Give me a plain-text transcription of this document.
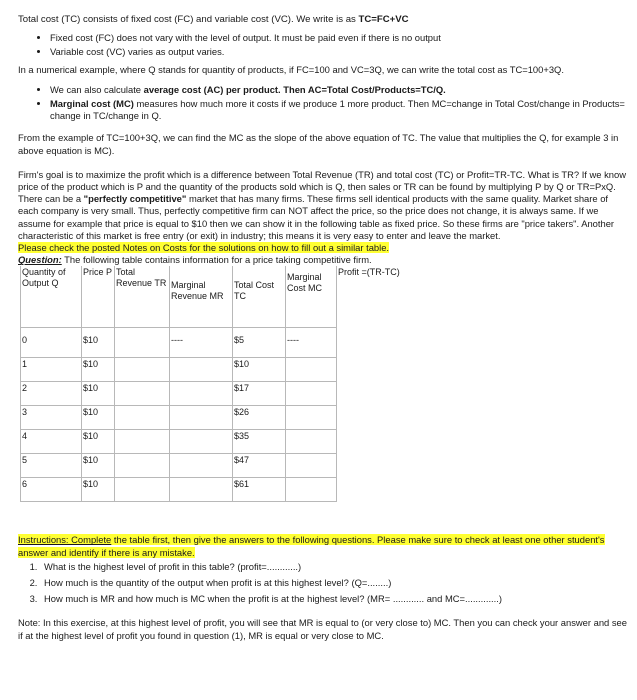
Total cost (TC) consists of fixed cost (FC) and variable cost (VC). We write is as TC=FC+VC

• Fixed cost (FC) does not vary with the level of output. It must be paid even if there is no output
• Variable cost (VC) varies as output varies.

In a numerical example, where Q stands for quantity of products, if FC=100 and VC=3Q, we can write the total cost as TC=100+3Q.

• We can also calculate average cost (AC) per product. Then AC=Total Cost/Products=TC/Q.
• Marginal cost (MC) measures how much more it costs if we produce 1 more product. Then MC=change in Total Cost/change in Products= change in TC/change in Q.

From the example of TC=100+3Q, we can find the MC as the slope of the above equation of TC. The value that multiplies the Q, for example 3 in above equation is MC).

Firm's goal is to maximize the profit which is a difference between Total Revenue (TR) and total cost (TC) or Profit=TR-TC. What is TR? If we know price of the product which is P and the quantity of the products sold which is Q, then sales or TR can be found by multiplying P by Q or TR=PxQ.

There can be a "perfectly competitive" market that has many firms. These firms sell identical products with the same quality. Market share of each company is very small. Thus, perfectly competitive firm can NOT affect the price, so the price does not change, it is always same. If we assume for example that price is equal to $10 then we can show it in the following table as fixed price. So these firms are "price takers". Another characteristic of this market is free entry (or exit) in industry; this means it is very easy to enter and leave the market.

Please check the posted Notes on Costs for the solutions on how to fill out a similar table.

Question: The following table contains information for a price taking competitive firm.

Quantity of Output Q	Price P	Total Revenue TR	Marginal Revenue MR	Total Cost TC	Marginal Cost MC	Profit =(TR-TC)
0	$10		----	$5	----	
1	$10			$10		
2	$10			$17		
3	$10			$26		
4	$10			$35		
5	$10			$47		
6	$10			$61		

Instructions: Complete the table first, then give the answers to the following questions. Please make sure to check at least one other student's answer and identify if there is any mistake.

1. What is the highest level of profit in this table? (profit=............)
2. How much is the quantity of the output when profit is at this highest level? (Q=........)
3. How much is MR and how much is MC when the profit is at the highest level? (MR= ............ and MC=.............)

Note: In this exercise, at this highest level of profit, you will see that MR is equal to (or very close to) MC. Then you can check your answer and see if at the highest level of profit you found in question (1), MR is equal or very close to MC.
